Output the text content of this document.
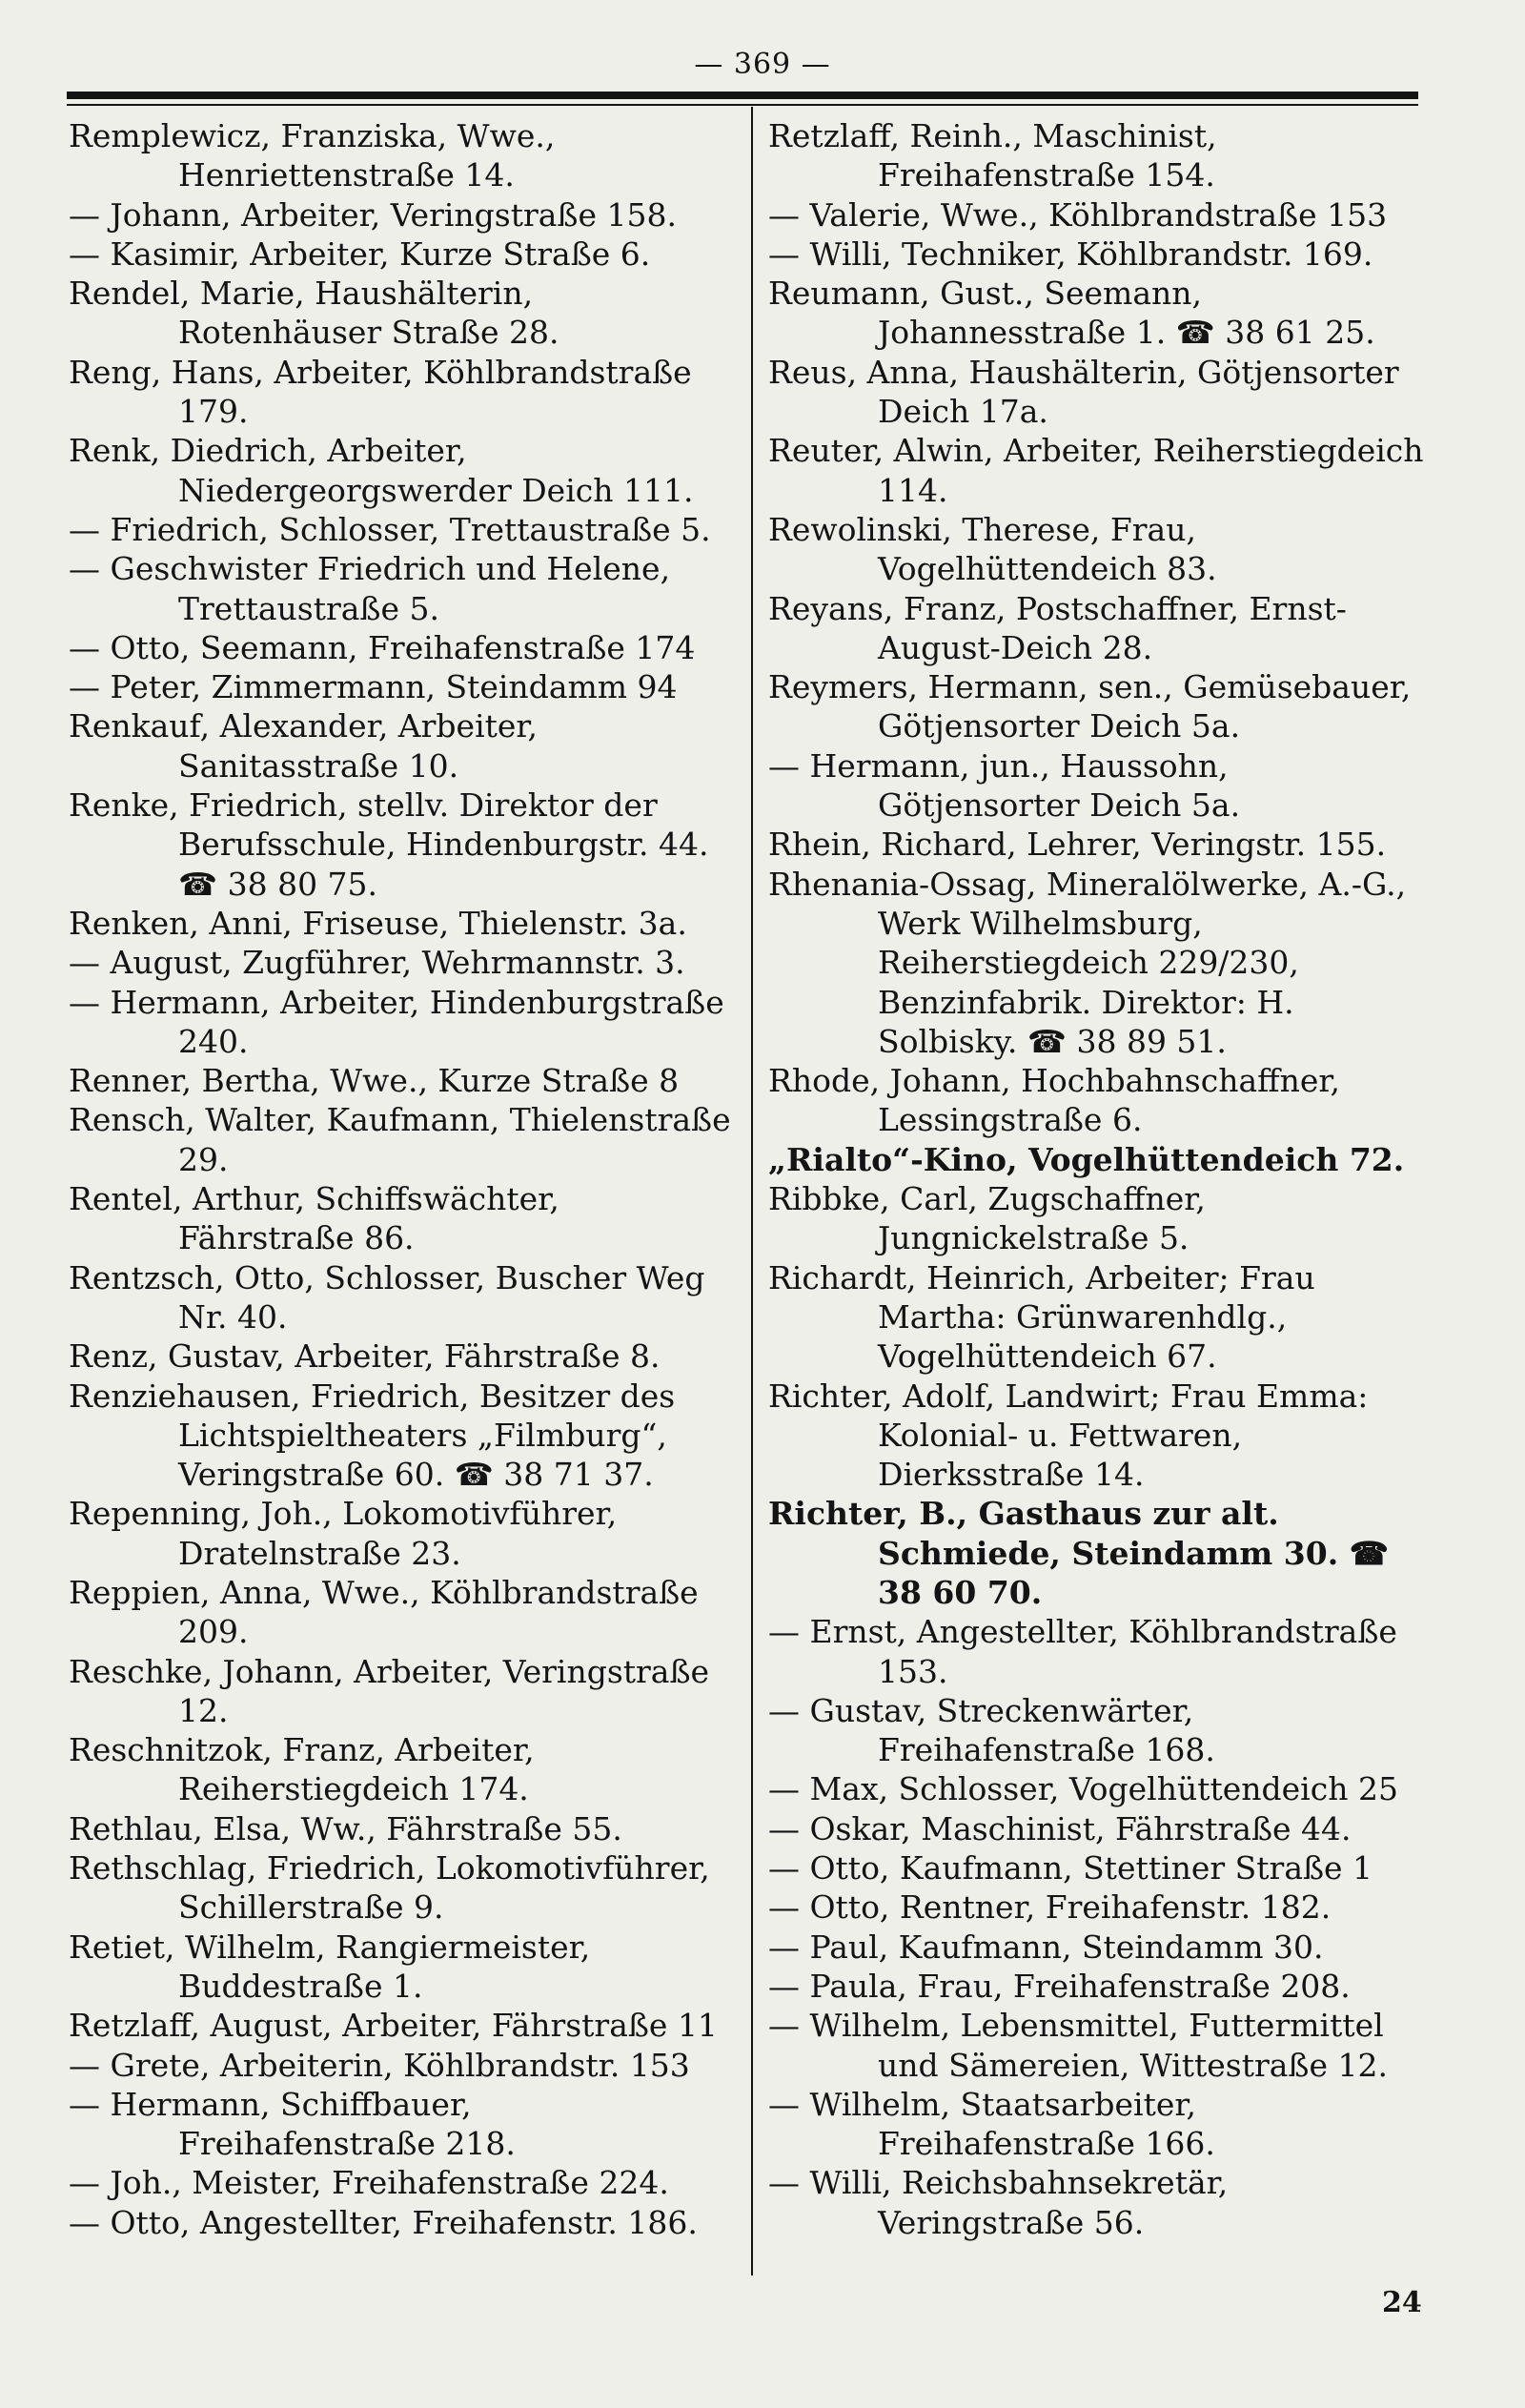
— 369 —

Remplewicz, Franziska, Wwe., Henriettenstraße 14.

— Johann, Arbeiter, Veringstraße 158.

— Kasimir, Arbeiter, Kurze Straße 6.

Rendel, Marie, Haushälterin, Rotenhäuser Straße 28.

Reng, Hans, Arbeiter, Köhlbrandstraße 179.

Renk, Diedrich, Arbeiter, Niedergeorgswerder Deich 111.

— Friedrich, Schlosser, Trettaustraße 5.

— Geschwister Friedrich und Helene, Trettaustraße 5.

— Otto, Seemann, Freihafenstraße 174

— Peter, Zimmermann, Steindamm 94

Renkauf, Alexander, Arbeiter, Sanitasstraße 10.

Renke, Friedrich, stellv. Direktor der Berufsschule, Hindenburgstr. 44. ☎ 38 80 75.

Renken, Anni, Friseuse, Thielenstr. 3a.

— August, Zugführer, Wehrmannstr. 3.

— Hermann, Arbeiter, Hindenburgstraße 240.

Renner, Bertha, Wwe., Kurze Straße 8

Rensch, Walter, Kaufmann, Thielenstraße 29.

Rentel, Arthur, Schiffswächter, Fährstraße 86.

Rentzsch, Otto, Schlosser, Buscher Weg Nr. 40.

Renz, Gustav, Arbeiter, Fährstraße 8.

Renziehausen, Friedrich, Besitzer des Lichtspieltheaters „Filmburg“, Veringstraße 60. ☎ 38 71 37.

Repenning, Joh., Lokomotivführer, Dratelnstraße 23.

Reppien, Anna, Wwe., Köhlbrandstraße 209.

Reschke, Johann, Arbeiter, Veringstraße 12.

Reschnitzok, Franz, Arbeiter, Reiherstiegdeich 174.

Rethlau, Elsa, Ww., Fährstraße 55.

Rethschlag, Friedrich, Lokomotivführer, Schillerstraße 9.

Retiet, Wilhelm, Rangiermeister, Buddestraße 1.

Retzlaff, August, Arbeiter, Fährstraße 11

— Grete, Arbeiterin, Köhlbrandstr. 153

— Hermann, Schiffbauer, Freihafenstraße 218.

— Joh., Meister, Freihafenstraße 224.

— Otto, Angestellter, Freihafenstr. 186.

Retzlaff, Reinh., Maschinist, Freihafenstraße 154.

— Valerie, Wwe., Köhlbrandstraße 153

— Willi, Techniker, Köhlbrandstr. 169.

Reumann, Gust., Seemann, Johannesstraße 1. ☎ 38 61 25.

Reus, Anna, Haushälterin, Götjensorter Deich 17a.

Reuter, Alwin, Arbeiter, Reiherstiegdeich 114.

Rewolinski, Therese, Frau, Vogelhüttendeich 83.

Reyans, Franz, Postschaffner, Ernst-August-Deich 28.

Reymers, Hermann, sen., Gemüsebauer, Götjensorter Deich 5a.

— Hermann, jun., Haussohn, Götjensorter Deich 5a.

Rhein, Richard, Lehrer, Veringstr. 155.

Rhenania-Ossag, Mineralölwerke, A.-G., Werk Wilhelmsburg, Reiherstiegdeich 229/230, Benzinfabrik. Direktor: H. Solbisky. ☎ 38 89 51.

Rhode, Johann, Hochbahnschaffner, Lessingstraße 6.

„Rialto“-Kino, Vogelhüttendeich 72.

Ribbke, Carl, Zugschaffner, Jungnickelstraße 5.

Richardt, Heinrich, Arbeiter; Frau Martha: Grünwarenhdlg., Vogelhüttendeich 67.

Richter, Adolf, Landwirt; Frau Emma: Kolonial- u. Fettwaren, Dierksstraße 14.

Richter, B., Gasthaus zur alt. Schmiede, Steindamm 30. ☎ 38 60 70.

— Ernst, Angestellter, Köhlbrandstraße 153.

— Gustav, Streckenwärter, Freihafenstraße 168.

— Max, Schlosser, Vogelhüttendeich 25

— Oskar, Maschinist, Fährstraße 44.

— Otto, Kaufmann, Stettiner Straße 1

— Otto, Rentner, Freihafenstr. 182.

— Paul, Kaufmann, Steindamm 30.

— Paula, Frau, Freihafenstraße 208.

— Wilhelm, Lebensmittel, Futtermittel und Sämereien, Wittestraße 12.

— Wilhelm, Staatsarbeiter, Freihafenstraße 166.

— Willi, Reichsbahnsekretär, Veringstraße 56.

24
